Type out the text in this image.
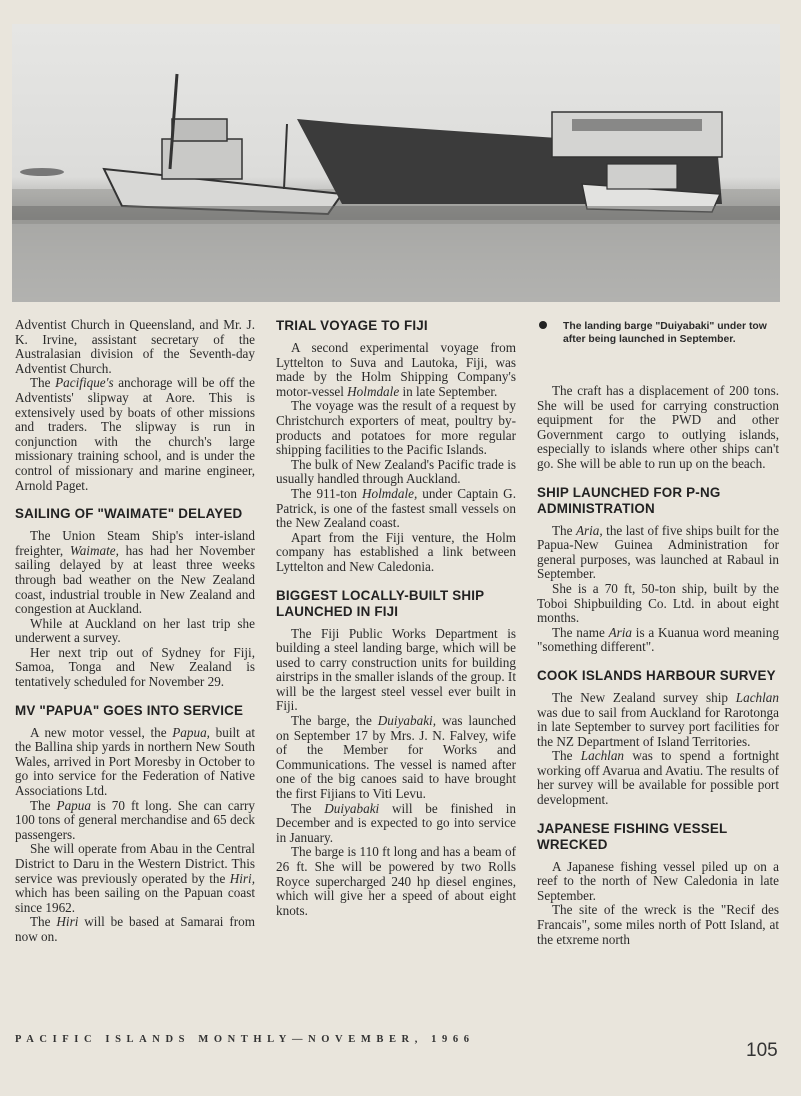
Adventist Church in Queensland, and Mr. J. K. Irvine, assistant secretary of the Australasian division of the Seventh-day Adventist Church.

The Pacifique's anchorage will be off the Adventists' slipway at Aore. This is extensively used by boats of other missions and traders. The slipway is run in conjunction with the church's large missionary training school, and is under the control of missionary and marine engineer, Arnold Paget.

SAILING OF "WAIMATE" DELAYED

The Union Steam Ship's inter-island freighter, Waimate, has had her November sailing delayed by at least three weeks through bad weather on the New Zealand coast, industrial trouble in New Zealand and congestion at Auckland.

While at Auckland on her last trip she underwent a survey.

Her next trip out of Sydney for Fiji, Samoa, Tonga and New Zealand is tentatively scheduled for November 29.

MV "PAPUA" GOES INTO SERVICE

A new motor vessel, the Papua, built at the Ballina ship yards in northern New South Wales, arrived in Port Moresby in October to go into service for the Federation of Native Associations Ltd.

The Papua is 70 ft long. She can carry 100 tons of general merchandise and 65 deck passengers.

She will operate from Abau in the Central District to Daru in the Western District. This service was previously operated by the Hiri, which has been sailing on the Papuan coast since 1962.

The Hiri will be based at Samarai from now on.

TRIAL VOYAGE TO FIJI

A second experimental voyage from Lyttelton to Suva and Lautoka, Fiji, was made by the Holm Shipping Company's motor-vessel Holmdale in late September.

The voyage was the result of a request by Christchurch exporters of meat, poultry by-products and potatoes for more regular shipping facilities to the Pacific Islands.

The bulk of New Zealand's Pacific trade is usually handled through Auckland.

The 911-ton Holmdale, under Captain G. Patrick, is one of the fastest small vessels on the New Zealand coast.

Apart from the Fiji venture, the Holm company has established a link between Lyttelton and New Caledonia.

BIGGEST LOCALLY-BUILT SHIP LAUNCHED IN FIJI

The Fiji Public Works Department is building a steel landing barge, which will be used to carry construction units for building airstrips in the smaller islands of the group. It will be the largest steel vessel ever built in Fiji.

The barge, the Duiyabaki, was launched on September 17 by Mrs. J. N. Falvey, wife of the Member for Works and Communications. The vessel is named after one of the big canoes said to have brought the first Fijians to Viti Levu.

The Duiyabaki will be finished in December and is expected to go into service in January.

The barge is 110 ft long and has a beam of 26 ft. She will be powered by two Rolls Royce supercharged 240 hp diesel engines, which will give her a speed of about eight knots.

The landing barge "Duiyabaki" under tow after being launched in September.

The craft has a displacement of 200 tons. She will be used for carrying construction equipment for the PWD and other Government cargo to outlying islands, especially to islands where other ships can't go. She will be able to run up on the beach.

SHIP LAUNCHED FOR P-NG ADMINISTRATION

The Aria, the last of five ships built for the Papua-New Guinea Administration for general purposes, was launched at Rabaul in September.

She is a 70 ft, 50-ton ship, built by the Toboi Shipbuilding Co. Ltd. in about eight months.

The name Aria is a Kuanua word meaning "something different".

COOK ISLANDS HARBOUR SURVEY

The New Zealand survey ship Lachlan was due to sail from Auckland for Rarotonga in late September to survey port facilities for the NZ Department of Island Territories.

The Lachlan was to spend a fortnight working off Avarua and Avatiu. The results of her survey will be available for possible port development.

JAPANESE FISHING VESSEL WRECKED

A Japanese fishing vessel piled up on a reef to the north of New Caledonia in late September.

The site of the wreck is the "Recif des Francais", some miles north of Pott Island, at the etxreme north

PACIFIC ISLANDS MONTHLY—NOVEMBER, 1966
105
